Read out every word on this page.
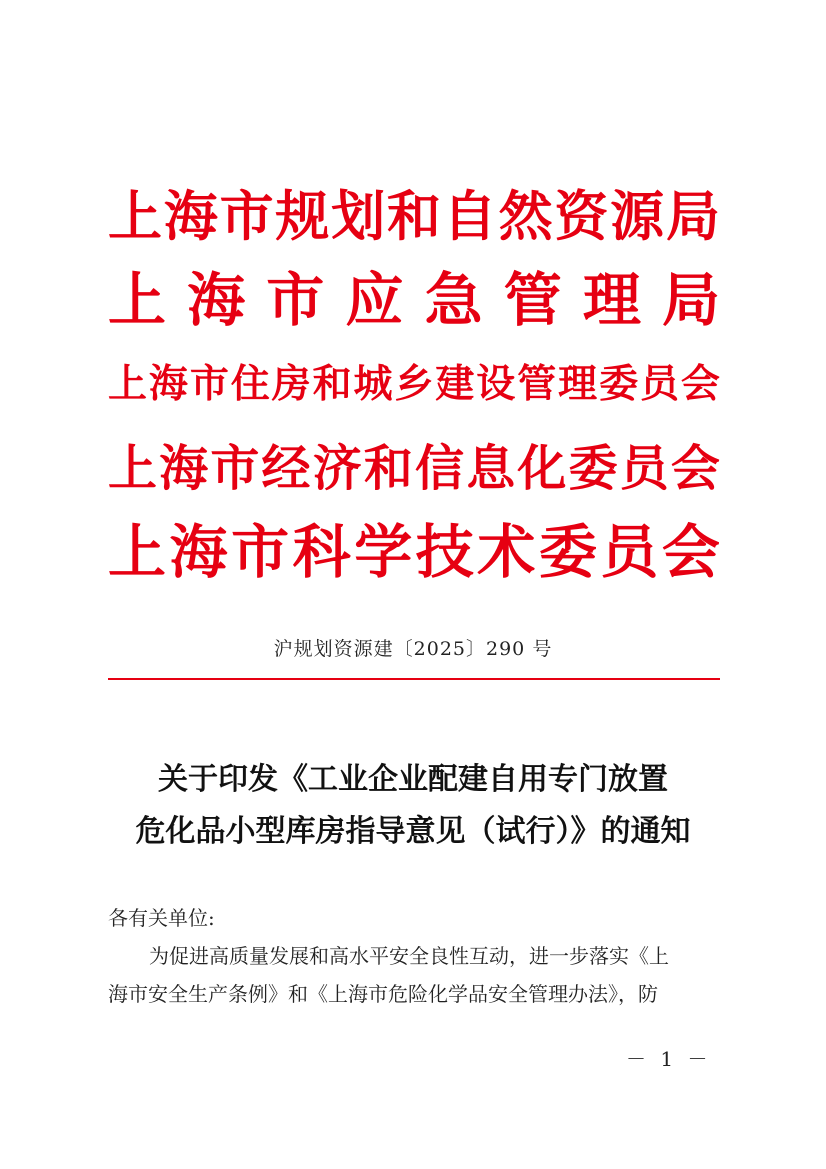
上 海 市 规 划 和 自 然 资 源 局
上 海 市 应 急 管 理 局
上 海 市 住 房 和 城 乡 建 设 管 理 委 员 会
上 海 市 经 济 和 信 息 化 委 员 会
上 海 市 科 学 技 术 委 员 会
沪规划资源建〔2025〕290 号
关于印发《工业企业配建自用专门放置
危化品小型库房指导意见（试行）》的通知
各有关单位:
为促进高质量发展和高水平安全良性互动，进一步落实《上
海市安全生产条例》和《上海市危险化学品安全管理办法》，防
－ 1 －
